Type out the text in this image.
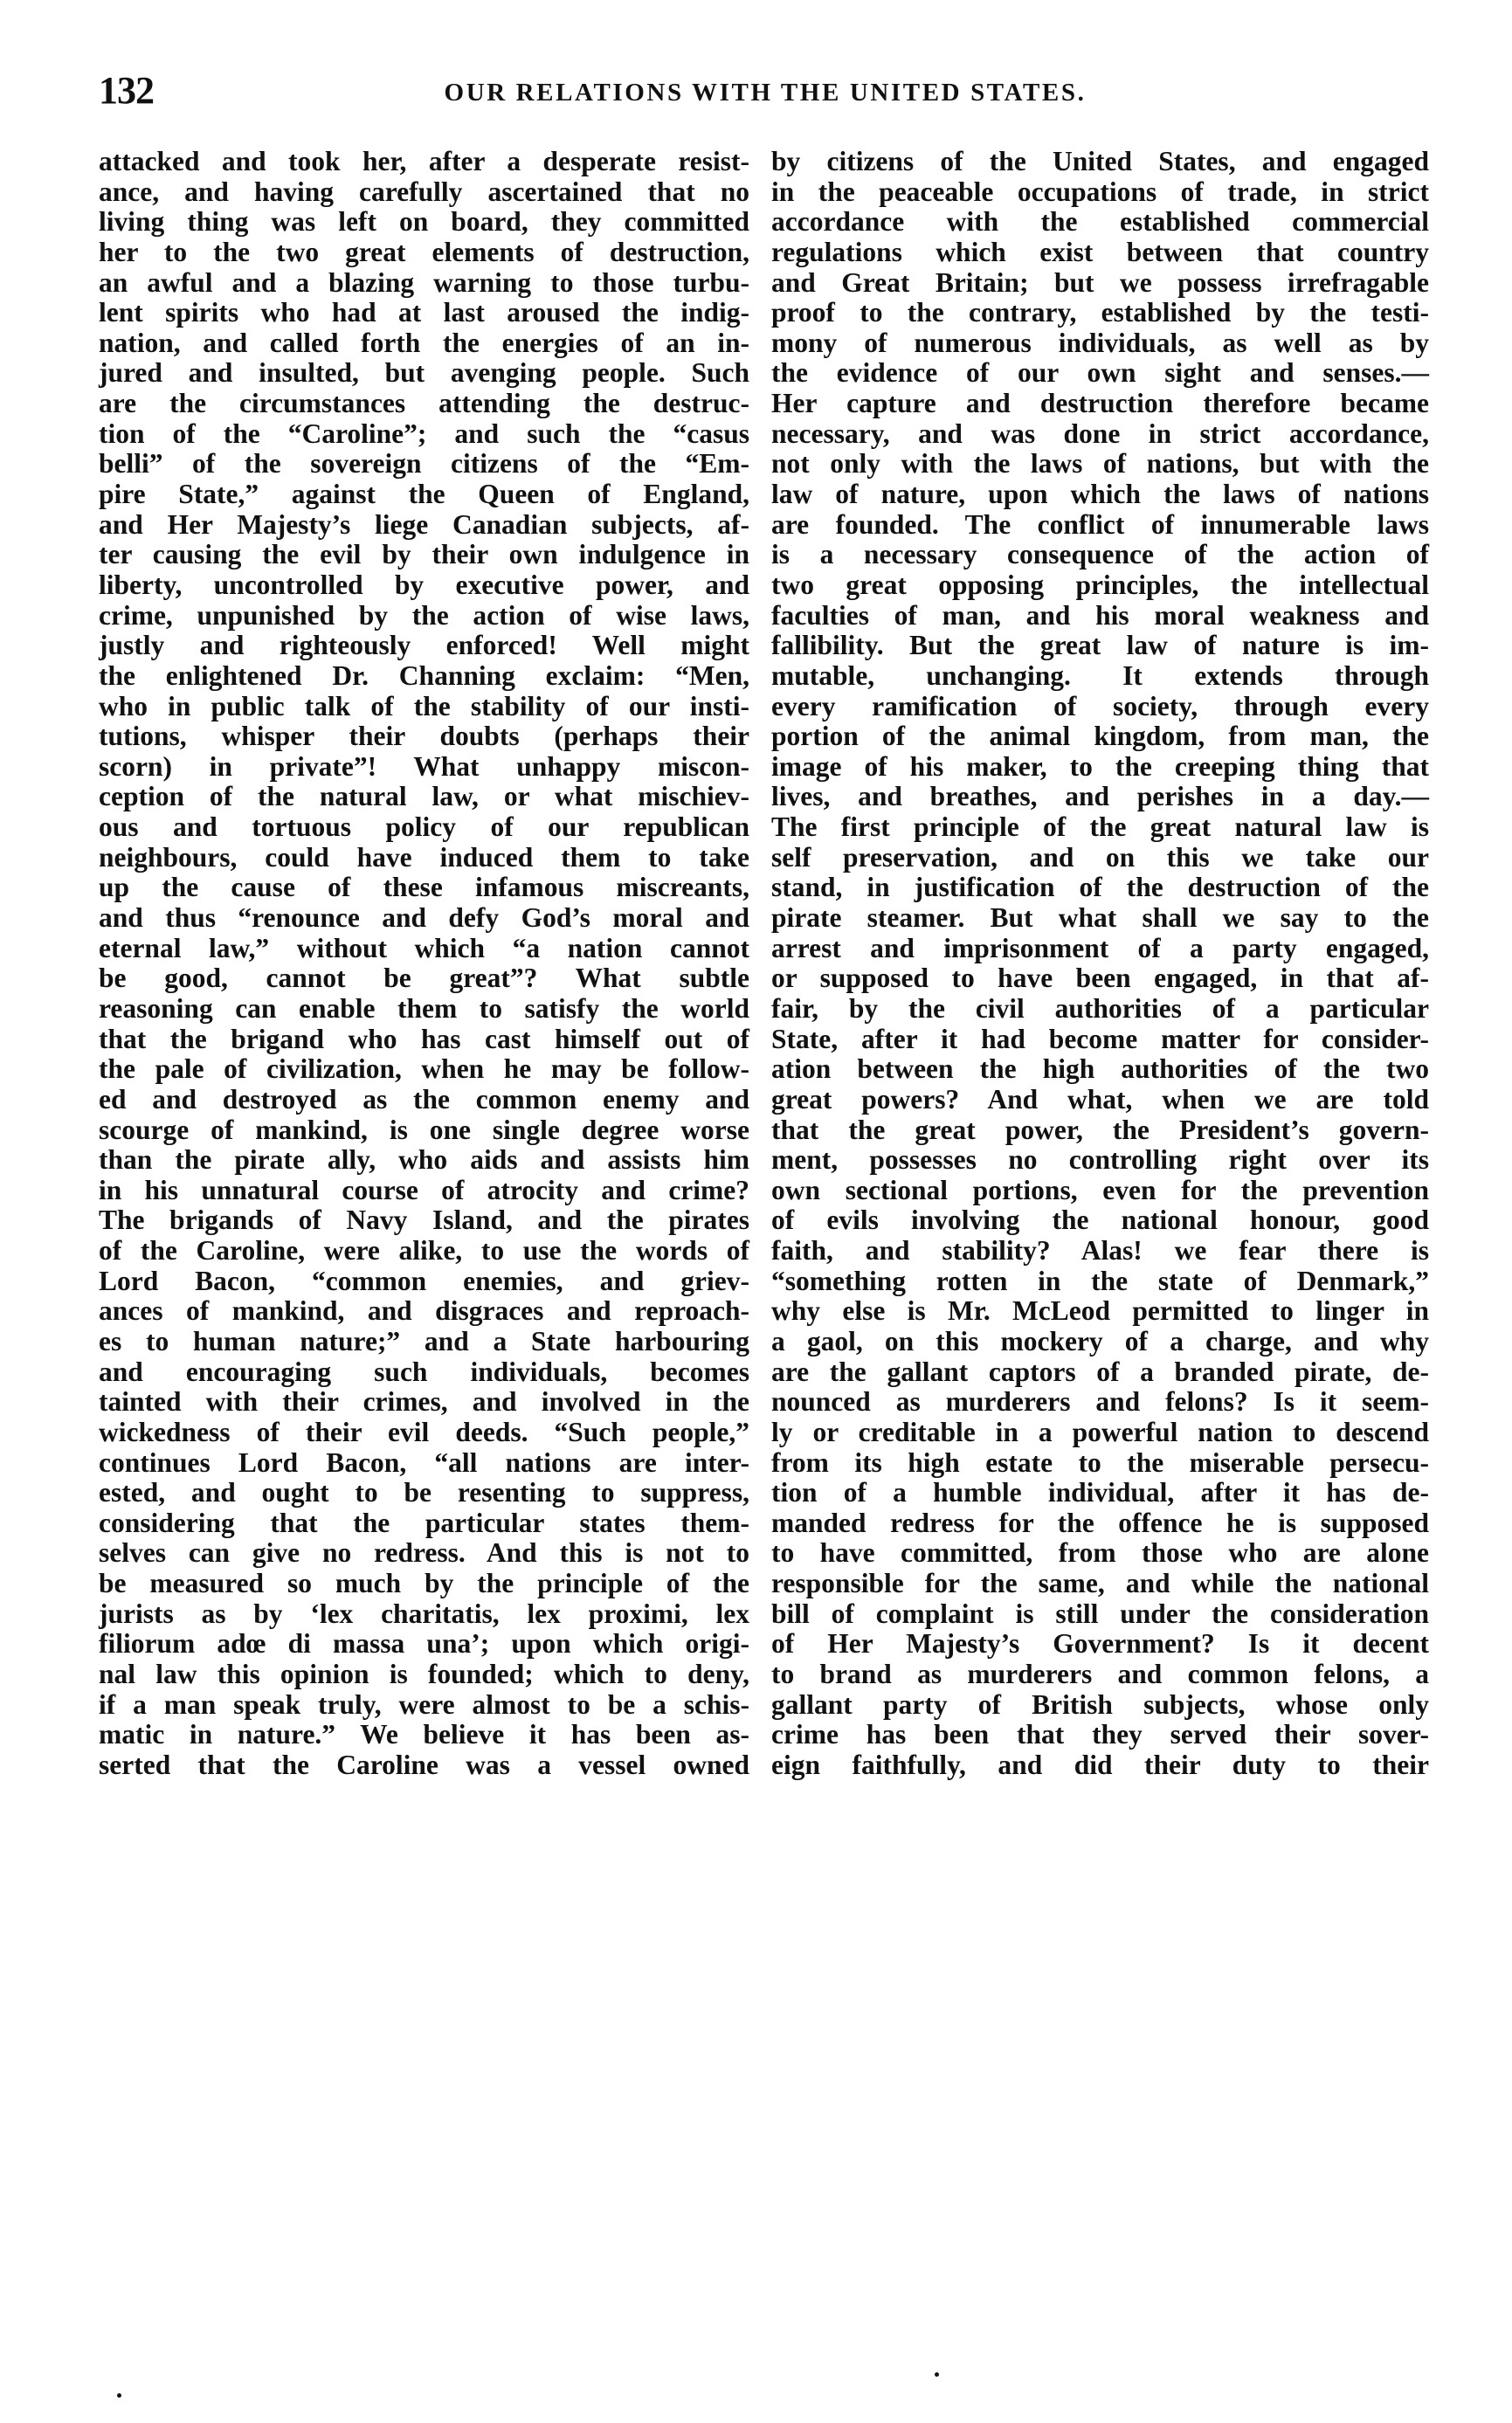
132	OUR RELATIONS WITH THE UNITED STATES.
attacked and took her, after a desperate resist-
ance, and having carefully ascertained that no
living thing was left on board, they committed
her to the two great elements of destruction,
an awful and a blazing warning to those turbu-
lent spirits who had at last aroused the indig-
nation, and called forth the energies of an in-
jured and insulted, but avenging people. Such
are the circumstances attending the destruc-
tion of the “Caroline”; and such the “casus
belli” of the sovereign citizens of the “Em-
pire State,” against the Queen of England,
and Her Majesty’s liege Canadian subjects, af-
ter causing the evil by their own indulgence in
liberty, uncontrolled by executive power, and
crime, unpunished by the action of wise laws,
justly and righteously enforced! Well might
the enlightened Dr. Channing exclaim: “Men,
who in public talk of the stability of our insti-
tutions, whisper their doubts (perhaps their
scorn) in private”! What unhappy miscon-
ception of the natural law, or what mischiev-
ous and tortuous policy of our republican
neighbours, could have induced them to take
up the cause of these infamous miscreants,
and thus “renounce and defy God’s moral and
eternal law,” without which “a nation cannot
be good, cannot be great”? What subtle
reasoning can enable them to satisfy the world
that the brigand who has cast himself out of
the pale of civilization, when he may be follow-
ed and destroyed as the common enemy and
scourge of mankind, is one single degree worse
than the pirate ally, who aids and assists him
in his unnatural course of atrocity and crime?
The brigands of Navy Island, and the pirates
of the Caroline, were alike, to use the words of
Lord Bacon, “common enemies, and griev-
ances of mankind, and disgraces and reproach-
es to human nature;” and a State harbouring
and encouraging such individuals, becomes
tainted with their crimes, and involved in the
wickedness of their evil deeds. “Such people,”
continues Lord Bacon, “all nations are inter-
ested, and ought to be resenting to suppress,
considering that the particular states them-
selves can give no redress. And this is not to
be measured so much by the principle of the
jurists as by ‘lex charitatis, lex proximi, lex
filiorum adœ di massa una’; upon which origi-
nal law this opinion is founded; which to deny,
if a man speak truly, were almost to be a schis-
matic in nature.” We believe it has been as-
serted that the Caroline was a vessel owned
by citizens of the United States, and engaged
in the peaceable occupations of trade, in strict
accordance with the established commercial
regulations which exist between that country
and Great Britain; but we possess irrefragable
proof to the contrary, established by the testi-
mony of numerous individuals, as well as by
the evidence of our own sight and senses.—
Her capture and destruction therefore became
necessary, and was done in strict accordance,
not only with the laws of nations, but with the
law of nature, upon which the laws of nations
are founded. The conflict of innumerable laws
is a necessary consequence of the action of
two great opposing principles, the intellectual
faculties of man, and his moral weakness and
fallibility. But the great law of nature is im-
mutable, unchanging. It extends through
every ramification of society, through every
portion of the animal kingdom, from man, the
image of his maker, to the creeping thing that
lives, and breathes, and perishes in a day.—
The first principle of the great natural law is
self preservation, and on this we take our
stand, in justification of the destruction of the
pirate steamer. But what shall we say to the
arrest and imprisonment of a party engaged,
or supposed to have been engaged, in that af-
fair, by the civil authorities of a particular
State, after it had become matter for consider-
ation between the high authorities of the two
great powers? And what, when we are told
that the great power, the President’s govern-
ment, possesses no controlling right over its
own sectional portions, even for the prevention
of evils involving the national honour, good
faith, and stability? Alas! we fear there is
“something rotten in the state of Denmark,”
why else is Mr. McLeod permitted to linger in
a gaol, on this mockery of a charge, and why
are the gallant captors of a branded pirate, de-
nounced as murderers and felons? Is it seem-
ly or creditable in a powerful nation to descend
from its high estate to the miserable persecu-
tion of a humble individual, after it has de-
manded redress for the offence he is supposed
to have committed, from those who are alone
responsible for the same, and while the national
bill of complaint is still under the consideration
of Her Majesty’s Government? Is it decent
to brand as murderers and common felons, a
gallant party of British subjects, whose only
crime has been that they served their sover-
eign faithfully, and did their duty to their
